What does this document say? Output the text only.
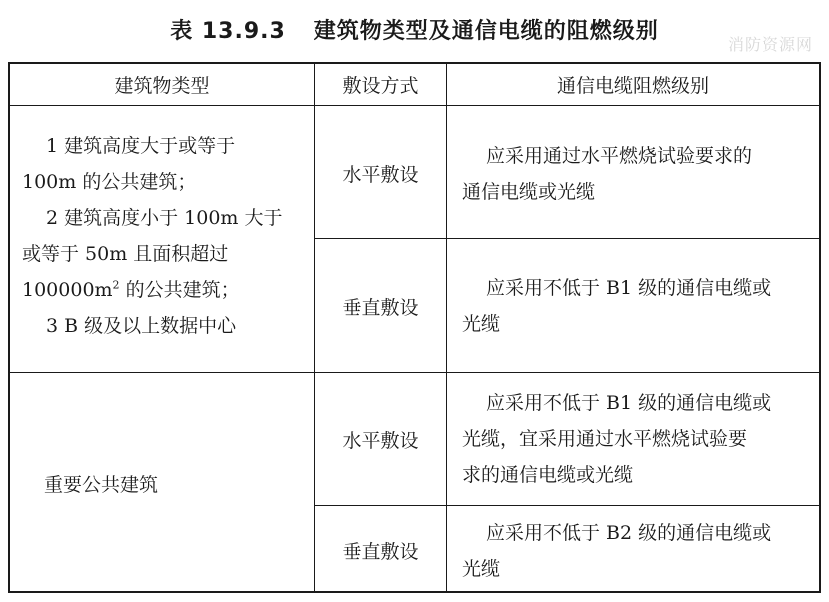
表 13.9.3 建筑物类型及通信电缆的阻燃级别
消防资源网
建筑物类型	敷设方式	通信电缆阻燃级别
1 建筑高度大于或等于
100m 的公共建筑；
2 建筑高度小于 100m 大于
或等于 50m 且面积超过
$100000m^2$ 的公共建筑；
3 B 级及以上数据中心
水平敷设
应采用通过水平燃烧试验要求的
通信电缆或光缆
垂直敷设
应采用不低于 B1 级的通信电缆或
光缆
重要公共建筑
水平敷设
应采用不低于 B1 级的通信电缆或
光缆，宜采用通过水平燃烧试验要
求的通信电缆或光缆
垂直敷设
应采用不低于 B2 级的通信电缆或
光缆
